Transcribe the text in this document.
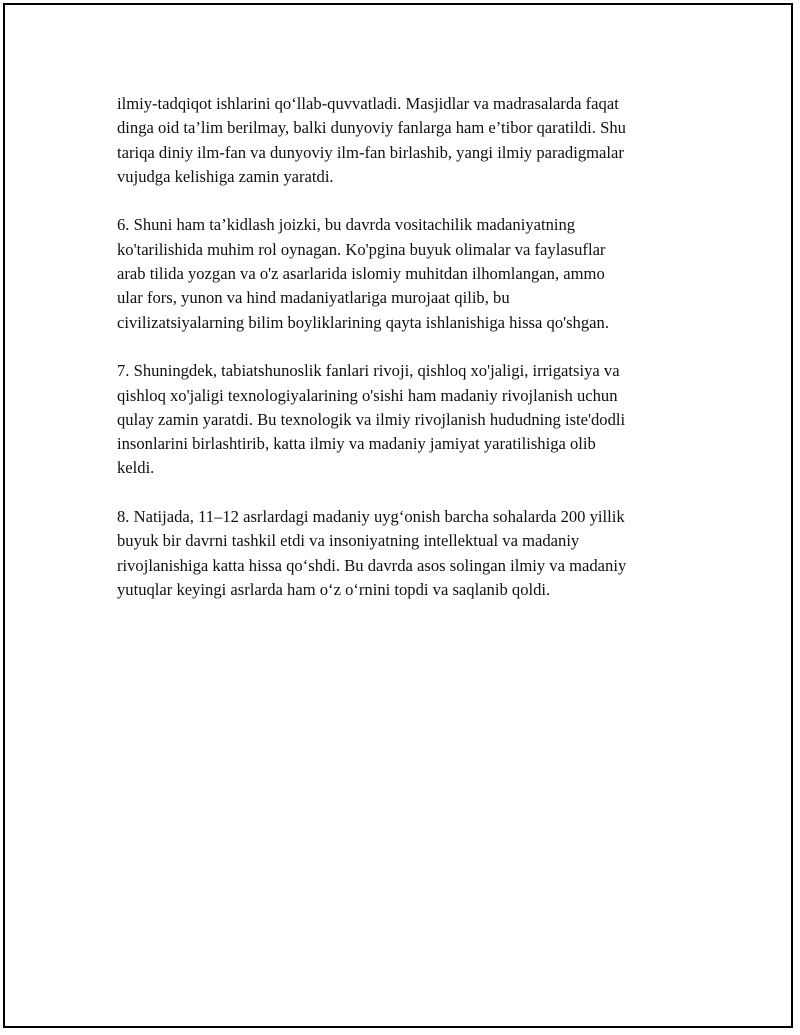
ilmiy-tadqiqot ishlarini qo‘llab-quvvatladi. Masjidlar va madrasalarda faqat
dinga oid ta’lim berilmay, balki dunyoviy fanlarga ham e’tibor qaratildi. Shu
tariqa diniy ilm-fan va dunyoviy ilm-fan birlashib, yangi ilmiy paradigmalar
vujudga kelishiga zamin yaratdi.

6. Shuni ham ta’kidlash joizki, bu davrda vositachilik madaniyatning
ko'tarilishida muhim rol oynagan. Ko'pgina buyuk olimalar va faylasuflar
arab tilida yozgan va o'z asarlarida islomiy muhitdan ilhomlangan, ammo
ular fors, yunon va hind madaniyatlariga murojaat qilib, bu
civilizatsiyalarning bilim boyliklarining qayta ishlanishiga hissa qo'shgan.

7. Shuningdek, tabiatshunoslik fanlari rivoji, qishloq xo'jaligi, irrigatsiya va
qishloq xo'jaligi texnologiyalarining o'sishi ham madaniy rivojlanish uchun
qulay zamin yaratdi. Bu texnologik va ilmiy rivojlanish hududning iste'dodli
insonlarini birlashtirib, katta ilmiy va madaniy jamiyat yaratilishiga olib
keldi.

8. Natijada, 11–12 asrlardagi madaniy uyg‘onish barcha sohalarda 200 yillik
buyuk bir davrni tashkil etdi va insoniyatning intellektual va madaniy
rivojlanishiga katta hissa qo‘shdi. Bu davrda asos solingan ilmiy va madaniy
yutuqlar keyingi asrlarda ham o‘z o‘rnini topdi va saqlanib qoldi.
